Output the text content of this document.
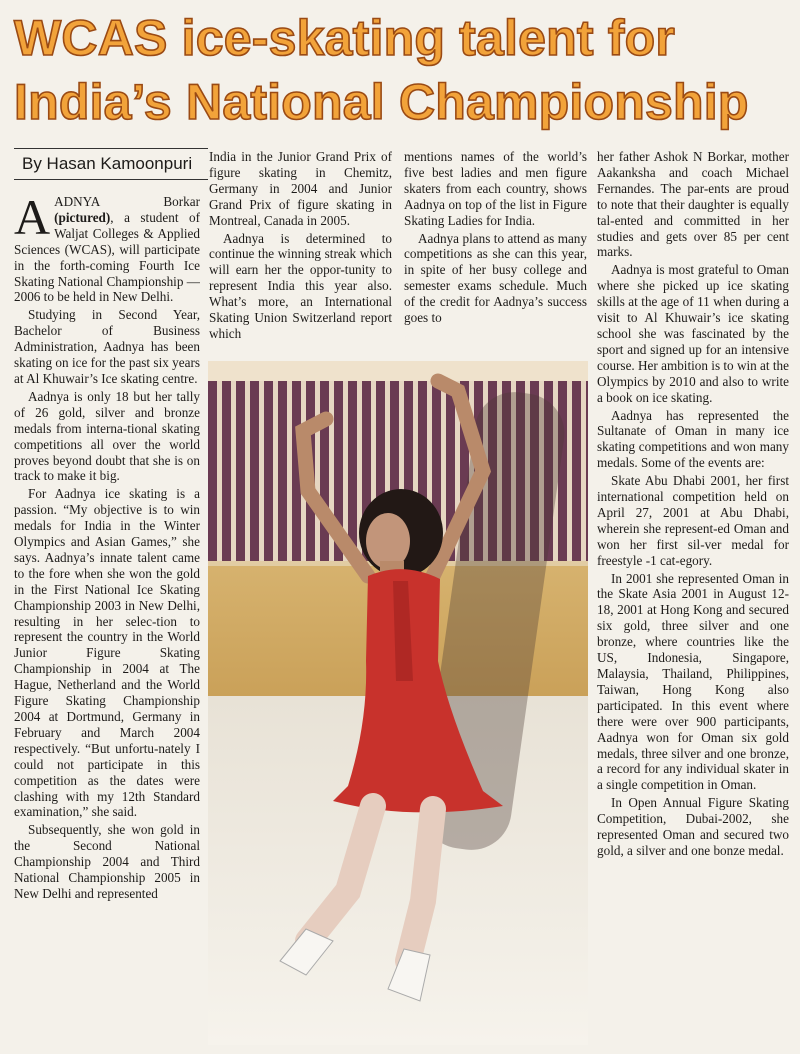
WCAS ice-skating talent for
India’s National Championship
By Hasan Kamoonpuri

AADNYA Borkar (pictured), a student of Waljat Colleges & Applied Sciences (WCAS), will participate in the forth-coming Fourth Ice Skating National Championship — 2006 to be held in New Delhi.

Studying in Second Year, Bachelor of Business Administration, Aadnya has been skating on ice for the past six years at Al Khuwair’s Ice skating centre.

Aadnya is only 18 but her tally of 26 gold, silver and bronze medals from interna-tional skating competitions all over the world proves beyond doubt that she is on track to make it big.

For Aadnya ice skating is a passion. “My objective is to win medals for India in the Winter Olympics and Asian Games,” she says. Aadnya’s innate talent came to the fore when she won the gold in the First National Ice Skating Championship 2003 in New Delhi, resulting in her selec-tion to represent the country in the World Junior Figure Skating Championship in 2004 at The Hague, Netherland and the World Figure Skating Championship 2004 at Dortmund, Germany in February and March 2004 respectively. “But unfortu-nately I could not participate in this competition as the dates were clashing with my 12th Standard examination,” she said.

Subsequently, she won gold in the Second National Championship 2004 and Third National Championship 2005 in New Delhi and represented

India in the Junior Grand Prix of figure skating in Chemitz, Germany in 2004 and Junior Grand Prix of figure skating in Montreal, Canada in 2005.

Aadnya is determined to continue the winning streak which will earn her the oppor-tunity to represent India this year also. What’s more, an International Skating Union Switzerland report which

mentions names of the world’s five best ladies and men figure skaters from each country, shows Aadnya on top of the list in Figure Skating Ladies for India.

Aadnya plans to attend as many competitions as she can this year, in spite of her busy college and semester exams schedule. Much of the credit for Aadnya’s success goes to

her father Ashok N Borkar, mother Aakanksha and coach Michael Fernandes. The par-ents are proud to note that their daughter is equally tal-ented and committed in her studies and gets over 85 per cent marks.

Aadnya is most grateful to Oman where she picked up ice skating skills at the age of 11 when during a visit to Al Khuwair’s ice skating school she was fascinated by the sport and signed up for an intensive course. Her ambition is to win at the Olympics by 2010 and also to write a book on ice skating.

Aadnya has represented the Sultanate of Oman in many ice skating competitions and won many medals. Some of the events are:

Skate Abu Dhabi 2001, her first international competition held on April 27, 2001 at Abu Dhabi, wherein she represent-ed Oman and won her first sil-ver medal for freestyle -1 cat-egory.

In 2001 she represented Oman in the Skate Asia 2001 in August 12-18, 2001 at Hong Kong and secured six gold, three silver and one bronze, where countries like the US, Indonesia, Singapore, Malaysia, Thailand, Philippines, Taiwan, Hong Kong also participated. In this event where there were over 900 participants, Aadnya won for Oman six gold medals, three silver and one bronze, a record for any individual skater in a single competition in Oman.

In Open Annual Figure Skating Competition, Dubai-2002, she represented Oman and secured two gold, a silver and one bonze medal.
